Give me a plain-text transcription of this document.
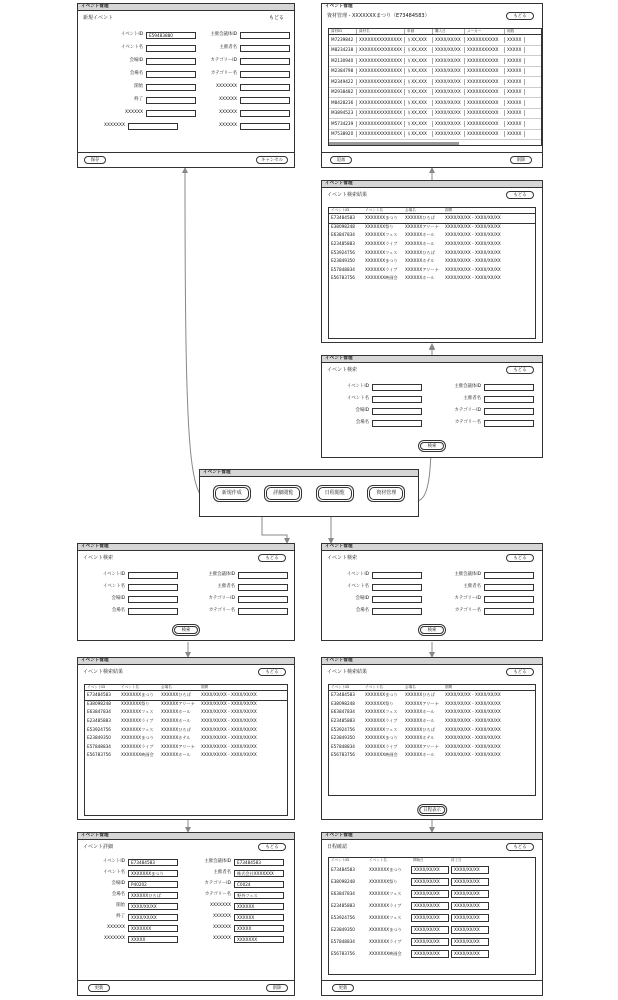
イベント管理
新規イベント	もどる
イベントID	E59483880	主催会議体ID
イベント名	主催者名
会場ID	カテゴリーID
会場名	カテゴリー名
開始	XXXXXXX
終了	XXXXXX
XXXXXX	XXXXXX
XXXXXXX	XXXXXX
保存	キャンセル
イベント管理
資材管理 - XXXXXXXまつり（E73484583）	もどる
資材ID	資材名	単価	購入日	メーカー	個数
M7239842	XXXXXXXXXXXXXXX	￥XX,XXX	XXXX/XX/XX	XXXXXXXXXXX	XXXXX
M8234238	XXXXXXXXXXXXXXX	￥XX,XXX	XXXX/XX/XX	XXXXXXXXXXX	XXXXX
M2130940	XXXXXXXXXXXXXXX	￥XX,XXX	XXXX/XX/XX	XXXXXXXXXXX	XXXXX
M2384798	XXXXXXXXXXXXXXX	￥XX,XXX	XXXX/XX/XX	XXXXXXXXXXX	XXXXX
M2349422	XXXXXXXXXXXXXXX	￥XX,XXX	XXXX/XX/XX	XXXXXXXXXXX	XXXXX
M2938482	XXXXXXXXXXXXXXX	￥XX,XXX	XXXX/XX/XX	XXXXXXXXXXX	XXXXX
M8428236	XXXXXXXXXXXXXXX	￥XX,XXX	XXXX/XX/XX	XXXXXXXXXXX	XXXXX
M3894523	XXXXXXXXXXXXXXX	￥XX,XXX	XXXX/XX/XX	XXXXXXXXXXX	XXXXX
M5734239	XXXXXXXXXXXXXXX	￥XX,XXX	XXXX/XX/XX	XXXXXXXXXXX	XXXXX
M7538920	XXXXXXXXXXXXXXX	￥XX,XXX	XXXX/XX/XX	XXXXXXXXXXX	XXXXX
追加	削除
イベント管理
イベント検索結果	もどる
イベントID	イベント名	会場名	期間
E73484583	XXXXXXXまつり	XXXXXXひろば	XXXX/XX/XX - XXXX/XX/XX
E38098248	XXXXXXX祭り	XXXXXXアリーナ	XXXX/XX/XX - XXXX/XX/XX
E63847834	XXXXXXXフェス	XXXXXXホール	XXXX/XX/XX - XXXX/XX/XX
E23485883	XXXXXXXライブ	XXXXXXホール	XXXX/XX/XX - XXXX/XX/XX
E53924756	XXXXXXXフェス	XXXXXXひろば	XXXX/XX/XX - XXXX/XX/XX
E23849350	XXXXXXXまつり	XXXXXXホテル	XXXX/XX/XX - XXXX/XX/XX
E57848834	XXXXXXXライブ	XXXXXXアリーナ	XXXX/XX/XX - XXXX/XX/XX
E56783756	XXXXXXX映画会	XXXXXXホール	XXXX/XX/XX - XXXX/XX/XX
イベント管理
イベント検索	もどる
イベントID	主催会議体ID
イベント名	主催者名
会場ID	カテゴリーID
会場名	カテゴリー名
検索
イベント管理
新規作成	詳細閲覧	日程閲覧	資材管理
イベント管理
イベント検索	もどる
イベントID	主催会議体ID
イベント名	主催者名
会場ID	カテゴリーID
会場名	カテゴリー名
検索
イベント管理
イベント検索	もどる
イベントID	主催会議体ID
イベント名	主催者名
会場ID	カテゴリーID
会場名	カテゴリー名
検索
イベント管理
イベント検索結果	もどる
イベントID	イベント名	会場名	期間
E73484583	XXXXXXXまつり	XXXXXXひろば	XXXX/XX/XX - XXXX/XX/XX
E38098248	XXXXXXX祭り	XXXXXXアリーナ	XXXX/XX/XX - XXXX/XX/XX
E63847834	XXXXXXXフェス	XXXXXXホール	XXXX/XX/XX - XXXX/XX/XX
E23485883	XXXXXXXライブ	XXXXXXホール	XXXX/XX/XX - XXXX/XX/XX
E53924756	XXXXXXXフェス	XXXXXXひろば	XXXX/XX/XX - XXXX/XX/XX
E23849350	XXXXXXXまつり	XXXXXXホテル	XXXX/XX/XX - XXXX/XX/XX
E57848834	XXXXXXXライブ	XXXXXXアリーナ	XXXX/XX/XX - XXXX/XX/XX
E56783756	XXXXXXX映画会	XXXXXXホール	XXXX/XX/XX - XXXX/XX/XX
イベント管理
イベント検索結果	もどる
イベントID	イベント名	会場名	期間
E73484583	XXXXXXXまつり	XXXXXXひろば	XXXX/XX/XX - XXXX/XX/XX
E38098248	XXXXXXX祭り	XXXXXXアリーナ	XXXX/XX/XX - XXXX/XX/XX
E63847834	XXXXXXXフェス	XXXXXXホール	XXXX/XX/XX - XXXX/XX/XX
E23485883	XXXXXXXライブ	XXXXXXホール	XXXX/XX/XX - XXXX/XX/XX
E53924756	XXXXXXXフェス	XXXXXXひろば	XXXX/XX/XX - XXXX/XX/XX
E23849350	XXXXXXXまつり	XXXXXXホテル	XXXX/XX/XX - XXXX/XX/XX
E57848834	XXXXXXXライブ	XXXXXXアリーナ	XXXX/XX/XX - XXXX/XX/XX
E56783756	XXXXXXX映画会	XXXXXXホール	XXXX/XX/XX - XXXX/XX/XX
日程表示
イベント管理
イベント詳細	もどる
イベントID	E73484583	主催会議体ID	E73484583
イベント名	XXXXXXXまつり	主催者名	株式会社XXXXXXX
会場ID	P40202	カテゴリーID	C0024
会場名	XXXXXXひろば	カテゴリー名	野外フェス
開始	XXXX/XX/XX	XXXXXXX	XXXXXX
終了	XXXX/XX/XX	XXXXXX	XXXXXX
XXXXXX	XXXXXXX	XXXXXX	XXXXX
XXXXXXX	XXXXX	XXXXXX	XXXXXXX
更新	削除
イベント管理
日程確認	もどる
イベントID	イベント名	開始日	終了日
E73484583	XXXXXXXまつり	XXXX/XX/XX	XXXX/XX/XX
E38098248	XXXXXXX祭り	XXXX/XX/XX	XXXX/XX/XX
E63847834	XXXXXXXフェス	XXXX/XX/XX	XXXX/XX/XX
E23485883	XXXXXXXライブ	XXXX/XX/XX	XXXX/XX/XX
E53924756	XXXXXXXフェス	XXXX/XX/XX	XXXX/XX/XX
E23849350	XXXXXXXまつり	XXXX/XX/XX	XXXX/XX/XX
E57848834	XXXXXXXライブ	XXXX/XX/XX	XXXX/XX/XX
E56783756	XXXXXXX映画会	XXXX/XX/XX	XXXX/XX/XX
更新
